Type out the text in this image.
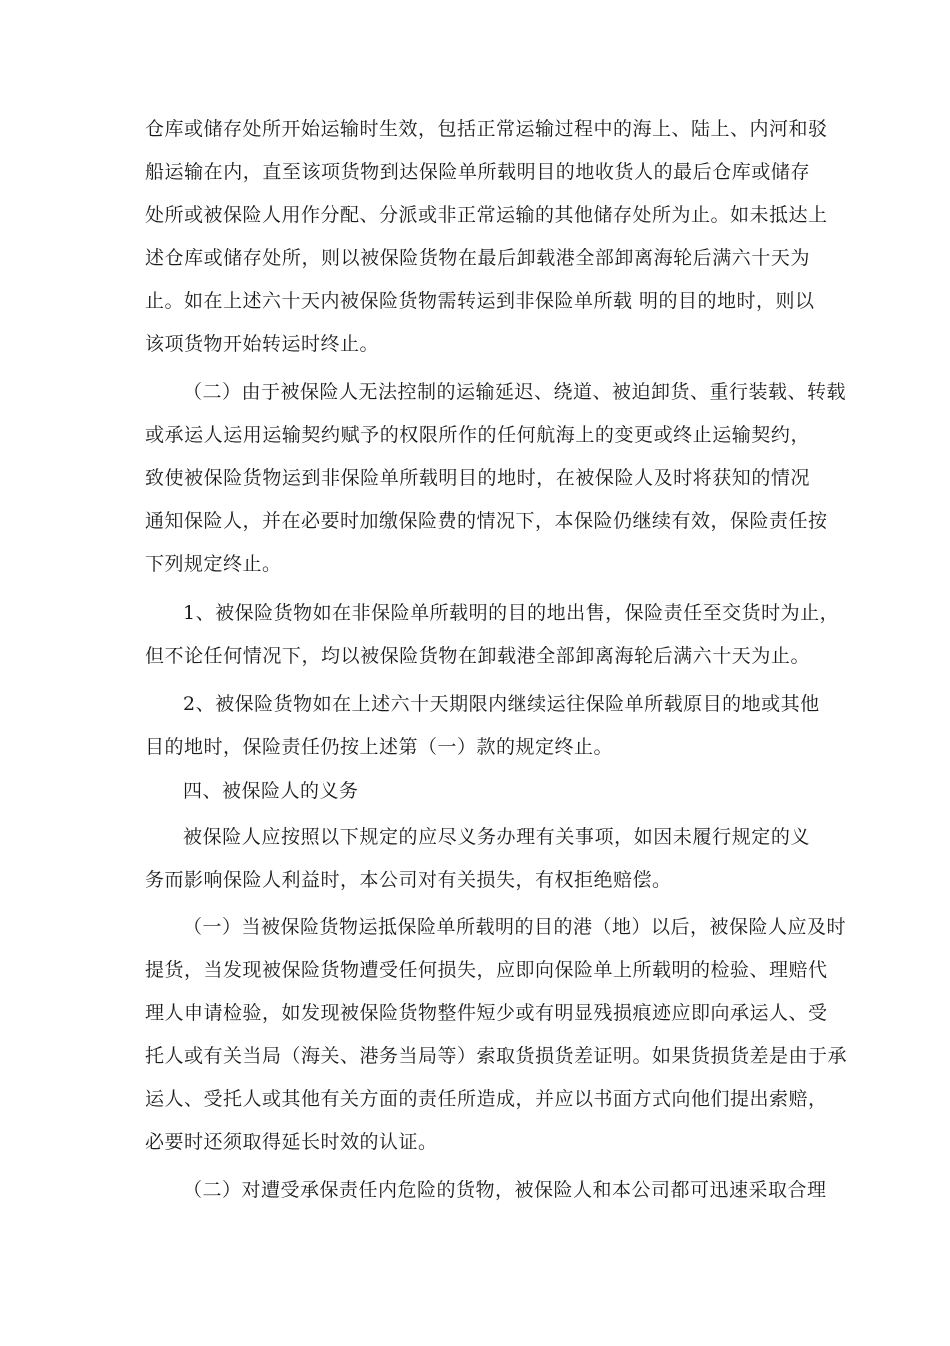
仓库或储存处所开始运输时生效，包括正常运输过程中的海上、陆上、内河和驳
船运输在内，直至该项货物到达保险单所载明目的地收货人的最后仓库或储存
处所或被保险人用作分配、分派或非正常运输的其他储存处所为止。如未抵达上
述仓库或储存处所，则以被保险货物在最后卸载港全部卸离海轮后满六十天为
止。如在上述六十天内被保险货物需转运到非保险单所载 明的目的地时，则以
该项货物开始转运时终止。
（二）由于被保险人无法控制的运输延迟、绕道、被迫卸货、重行装载、转载
或承运人运用运输契约赋予的权限所作的任何航海上的变更或终止运输契约，
致使被保险货物运到非保险单所载明目的地时，在被保险人及时将获知的情况
通知保险人，并在必要时加缴保险费的情况下，本保险仍继续有效，保险责任按
下列规定终止。
1、被保险货物如在非保险单所载明的目的地出售，保险责任至交货时为止，
但不论任何情况下，均以被保险货物在卸载港全部卸离海轮后满六十天为止。
2、被保险货物如在上述六十天期限内继续运往保险单所载原目的地或其他
目的地时，保险责任仍按上述第（一）款的规定终止。
四、被保险人的义务
被保险人应按照以下规定的应尽义务办理有关事项，如因未履行规定的义
务而影响保险人利益时，本公司对有关损失，有权拒绝赔偿。
（一）当被保险货物运抵保险单所载明的目的港（地）以后，被保险人应及时
提货，当发现被保险货物遭受任何损失，应即向保险单上所载明的检验、理赔代
理人申请检验，如发现被保险货物整件短少或有明显残损痕迹应即向承运人、受
托人或有关当局（海关、港务当局等）索取货损货差证明。如果货损货差是由于承
运人、受托人或其他有关方面的责任所造成，并应以书面方式向他们提出索赔，
必要时还须取得延长时效的认证。
（二）对遭受承保责任内危险的货物，被保险人和本公司都可迅速采取合理
